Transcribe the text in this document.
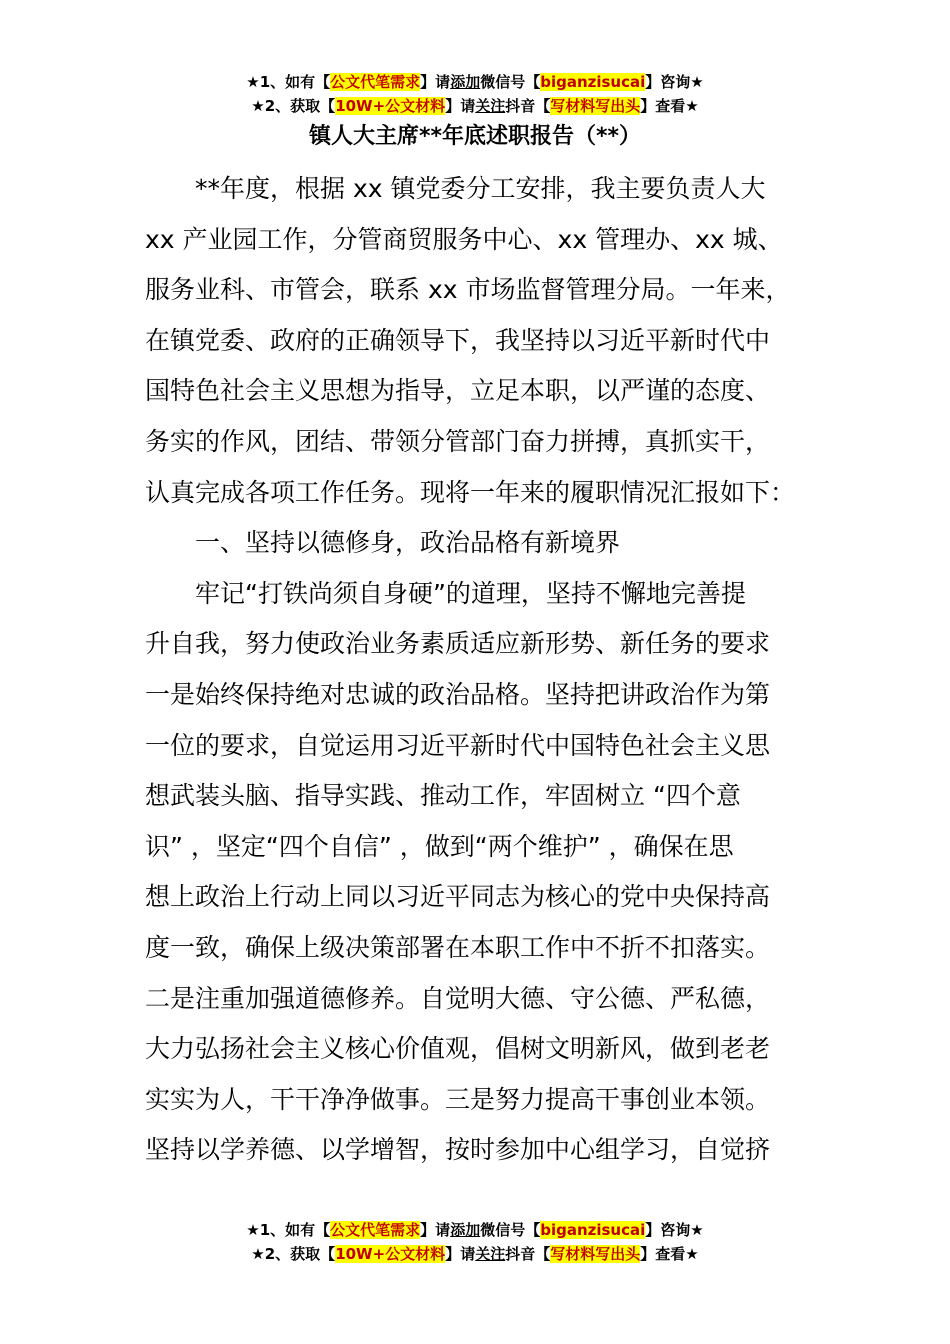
★1、如有【公文代笔需求】请添加微信号【biganzisucai】咨询★
★2、获取【10W+公文材料】请关注抖音【写材料写出头】查看★
镇人大主席**年底述职报告（**）
**年度，根据 xx 镇党委分工安排，我主要负责人大
xx 产业园工作，分管商贸服务中心、xx 管理办、xx 城、
服务业科、市管会，联系 xx 市场监督管理分局。一年来，
在镇党委、政府的正确领导下，我坚持以习近平新时代中
国特色社会主义思想为指导，立足本职，以严谨的态度、
务实的作风，团结、带领分管部门奋力拼搏，真抓实干，
认真完成各项工作任务。现将一年来的履职情况汇报如下：
一、坚持以德修身，政治品格有新境界
牢记“打铁尚须自身硬”的道理，坚持不懈地完善提
升自我，努力使政治业务素质适应新形势、新任务的要求
一是始终保持绝对忠诚的政治品格。坚持把讲政治作为第
一位的要求，自觉运用习近平新时代中国特色社会主义思
想武装头脑、指导实践、推动工作，牢固树立 “四个意
识” ，坚定“四个自信” ，做到“两个维护” ，确保在思
想上政治上行动上同以习近平同志为核心的党中央保持高
度一致，确保上级决策部署在本职工作中不折不扣落实。
二是注重加强道德修养。自觉明大德、守公德、严私德，
大力弘扬社会主义核心价值观，倡树文明新风，做到老老
实实为人，干干净净做事。三是努力提高干事创业本领。
坚持以学养德、以学增智，按时参加中心组学习，自觉挤
★1、如有【公文代笔需求】请添加微信号【biganzisucai】咨询★
★2、获取【10W+公文材料】请关注抖音【写材料写出头】查看★
